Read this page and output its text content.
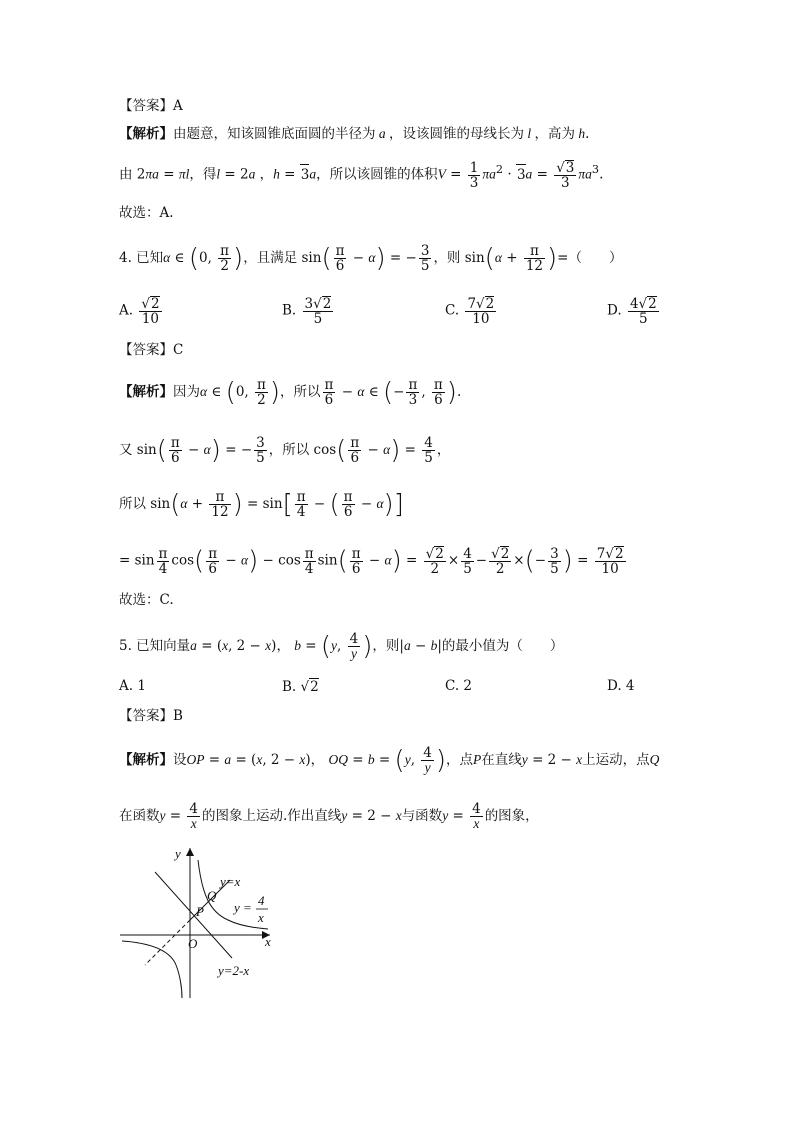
【答案】A
【解析】由题意，知该圆锥底面圆的半径为 a ，设该圆锥的母线长为 l ，高为 h.
由 2πa = πl，得l = 2a ，h = 3a，所以该圆锥的体积$V = \frac{1}{3} \pi a^2 \cdot 3a = \frac{√3}{3} \pi a^3$.
故选：A.
4. 已知α ∈ (0, $\frac{\pi}{2}$ )，且满足 $\sin( \frac{\pi}{6} - \alpha)$ = − $\frac{3}{5}$ ，则 $\sin(\alpha + \frac{\pi}{12}$ )=（　　）
A. $\frac{√2}{10}$	B. $\frac{3√2}{5}$	C. $\frac{7√2}{10}$	D. $\frac{4√2}{5}$
【答案】C
【解析】因为α ∈ (0, $\frac{\pi}{2}$ )，所以 $\frac{\pi}{6} - \alpha$ ∈ (− $\frac{\pi}{3}$ , $\frac{\pi}{6}$ ).
又 $\sin( \frac{\pi}{6} - \alpha)$ = − $\frac{3}{5}$ ，所以 $\cos( \frac{\pi}{6} - \alpha) = \frac{4}{5}$ ，
所以 $\sin(\alpha + \frac{\pi}{12}$ ) = $\sin[ \frac{\pi}{4}$ − ( $\frac{\pi}{6} - \alpha$)]
= $\sin \frac{\pi}{4} \cos( \frac{\pi}{6} - \alpha) - \cos \frac{\pi}{4} \sin( \frac{\pi}{6} - \alpha) = \frac{√2}{2} \times \frac{4}{5} - \frac{√2}{2}$ ×(− $\frac{3}{5}$ ) = $\frac{7√2}{10}$
故选：C.
5. 已知向量a = (x, 2 − x)， b = (y, $\frac{4}{y}$ )，则|a − b|的最小值为（　　）
A. 1	B. √2	C. 2	D. 4
【答案】B
【解析】设OP = a = (x, 2 − x)， OQ = b = (y, $\frac{4}{y}$ )，点P在直线y = 2 − x上运动，点Q
在函数$y = \frac{4}{x}$ 的图象上运动.作出直线y = 2 − x与函数$y = \frac{4}{x}$ 的图象，
y
x
O
P
Q
y=x
y = 4
x
y=2-x
